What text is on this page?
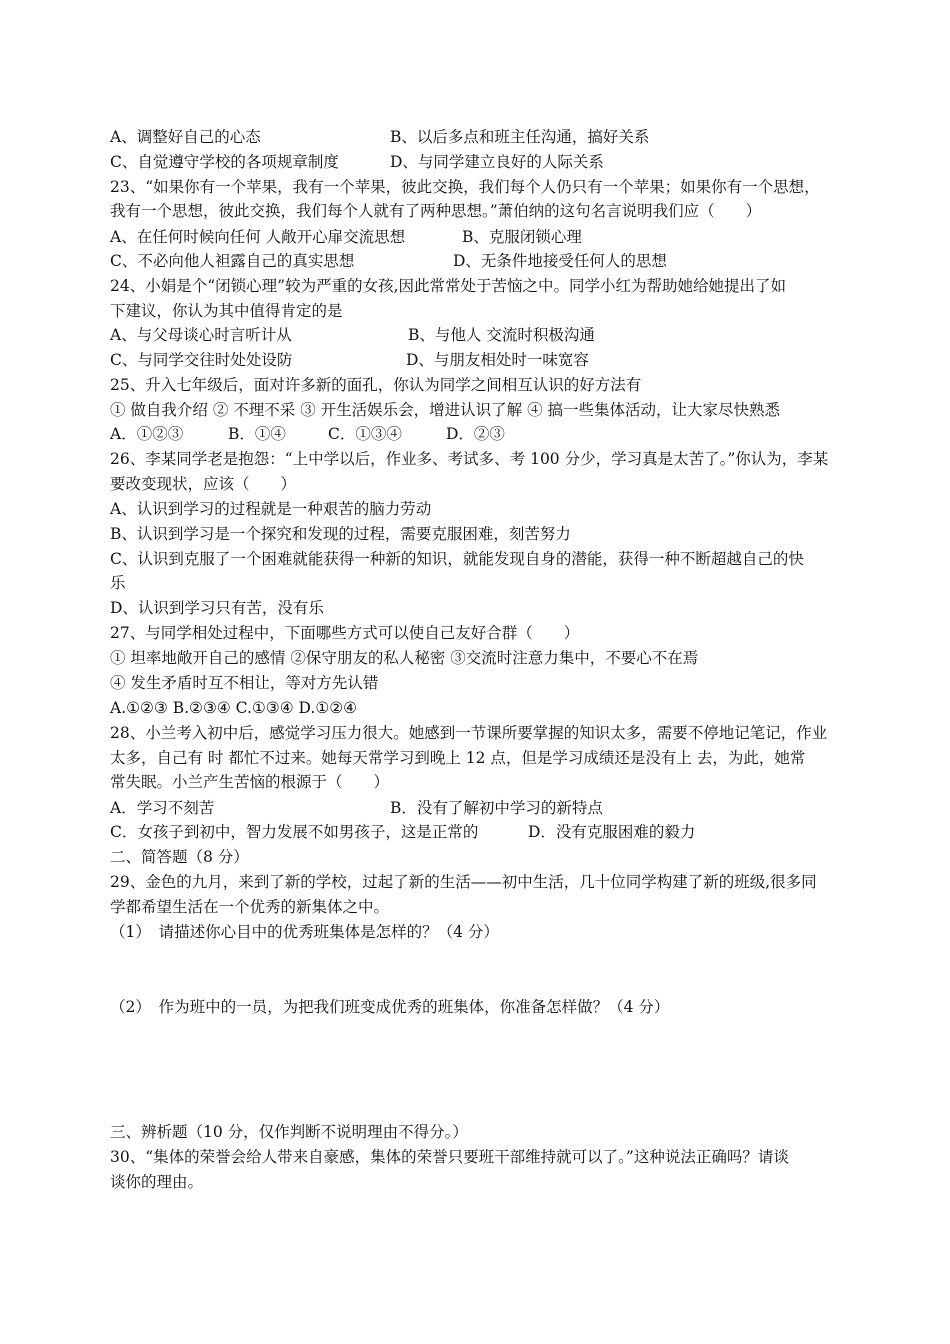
A、调整好自己的心态	B、以后多点和班主任沟通，搞好关系
C、自觉遵守学校的各项规章制度	D、与同学建立良好的人际关系
23、“如果你有一个苹果，我有一个苹果，彼此交换，我们每个人仍只有一个苹果；如果你有一个思想，
我有一个思想，彼此交换，我们每个人就有了两种思想。”萧伯纳的这句名言说明我们应（　　）
A、在任何时候向任何 人敞开心扉交流思想	B、克服闭锁心理
C、不必向他人袒露自己的真实思想	D、无条件地接受任何人的思想
24、小娟是个“闭锁心理”较为严重的女孩,因此常常处于苦恼之中。同学小红为帮助她给她提出了如
下建议，你认为其中值得肯定的是
A、与父母谈心时言听计从	B、与他人 交流时积极沟通
C、与同学交往时处处设防	D、与朋友相处时一味宽容
25、升入七年级后，面对许多新的面孔，你认为同学之间相互认识的好方法有
① 做自我介绍 ② 不理不采 ③ 开生活娱乐会，增进认识了解 ④ 搞一些集体活动，让大家尽快熟悉
A．①②③	B．①④	C．①③④	D．②③
26、李某同学老是抱怨：“上中学以后，作业多、考试多、考 100 分少，学习真是太苦了。”你认为，李某
要改变现状，应该（　　）
A、认识到学习的过程就是一种艰苦的脑力劳动
B、认识到学习是一个探究和发现的过程，需要克服困难，刻苦努力
C、认识到克服了一个困难就能获得一种新的知识，就能发现自身的潜能，获得一种不断超越自己的快
乐
D、认识到学习只有苦，没有乐
27、与同学相处过程中，下面哪些方式可以使自己友好合群（　　）
① 坦率地敞开自己的感情 ②保守朋友的私人秘密 ③交流时注意力集中，不要心不在焉
④ 发生矛盾时互不相让，等对方先认错
A.①②③ B.②③④ C.①③④ D.①②④
28、小兰考入初中后，感觉学习压力很大。她感到一节课所要掌握的知识太多，需要不停地记笔记，作业
太多，自己有 时 都忙不过来。她每天常学习到晚上 12 点，但是学习成绩还是没有上 去，为此，她常
常失眠。小兰产生苦恼的根源于（　　）
A．学习不刻苦	B．没有了解初中学习的新特点
C．女孩子到初中，智力发展不如男孩子，这是正常的	D．没有克服困难的毅力
二、简答题（8 分）
29、金色的九月，来到了新的学校，过起了新的生活——初中生活，几十位同学构建了新的班级,很多同
学都希望生活在一个优秀的新集体之中。
（1）　请描述你心目中的优秀班集体是怎样的？（4 分）
（2）　作为班中的一员，为把我们班变成优秀的班集体，你准备怎样做？（4 分）
三、辨析题（10 分，仅作判断不说明理由不得分。）
30、“集体的荣誉会给人带来自豪感，集体的荣誉只要班干部维持就可以了。”这种说法正确吗？请谈
谈你的理由。
